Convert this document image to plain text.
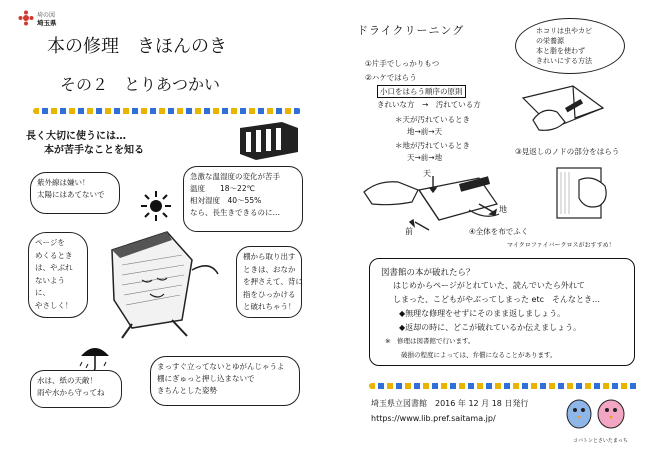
埼の図
埼玉県
本の修理　きほんのき
その２　とりあつかい
長く大切に使うには…
本が苦手なことを知る
紫外線は嫌い！
太陽にはあてないで
急激な温湿度の変化が苦手
温度　　18〜22℃
相対湿度　40〜55%
なら、長生きできるのに…
ページを
めくるとき
は、やぶれ
ないよう
に、
やさしく！
棚から取り出す
ときは、おなか
を押さえて、背に
指をひっかける
と破れちゃう！
水は、紙の天敵！
雨や水から守ってね
まっすぐ立ってないとゆがんじゃうよ
棚にぎゅっと押し込まないで
きちんとした姿勢
ドライクリーニング	ホコリは虫やカビ
の栄養源
本と脂を使わず
きれいにする方法
①片手でしっかりもつ
②ハケではらう
小口をはらう順序の原則
きれいな方　→　汚れている方
＊天が汚れているとき
地→前→天
＊地が汚れているとき
天→前→地
③見返しのノドの部分をはらう
天
地
前	④全体を布でふく
マイクロファイバークロスがおすすめ！
図書館の本が破れたら？
はじめからページがとれていた、読んでいたら外れて
しまった、こどもがやぶってしまった etc　そんなとき…
◆無理な修理をせずにそのまま返しましょう。
◆返却の時に、どこが破れているか伝えましょう。
※　修理は図書館で行います。
破損の程度によっては、弁償になることがあります。
埼玉県立図書館　2016 年 12 月 18 日発行
https://www.lib.pref.saitama.jp/
コバトンとさいたまっち
